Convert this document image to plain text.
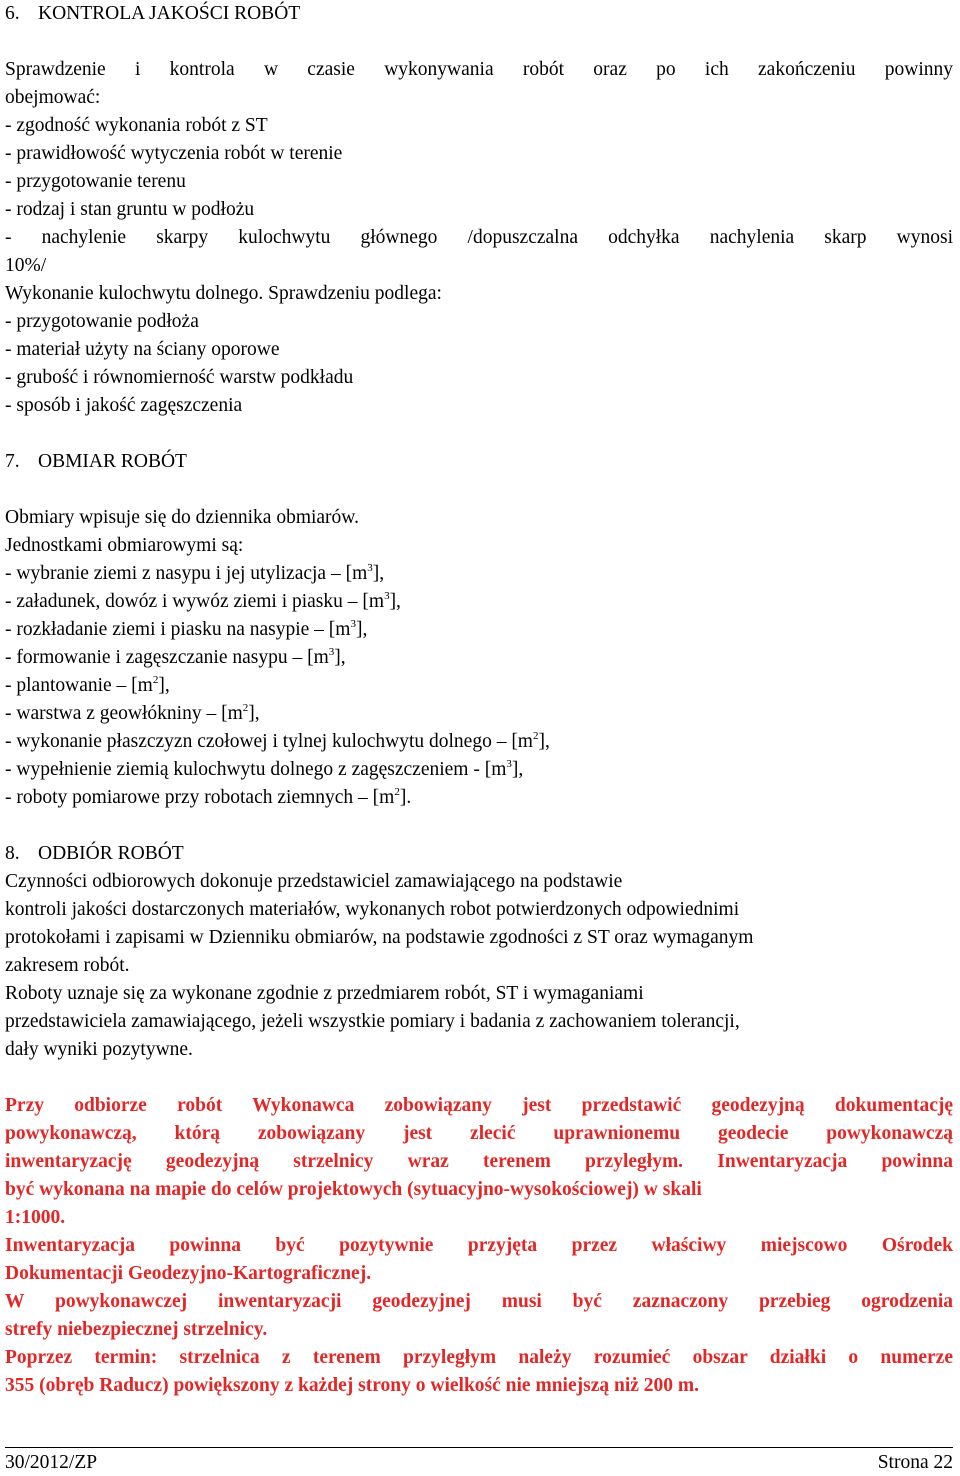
6. KONTROLA JAKOŚCI ROBÓT
Sprawdzenie i kontrola w czasie wykonywania robót oraz po ich zakończeniu powinny
obejmować:
- zgodność wykonania robót z ST
- prawidłowość wytyczenia robót w terenie
- przygotowanie terenu
- rodzaj i stan gruntu w podłożu
- nachylenie skarpy kulochwytu głównego /dopuszczalna odchyłka nachylenia skarp wynosi
10%/
Wykonanie kulochwytu dolnego. Sprawdzeniu podlega:
- przygotowanie podłoża
- materiał użyty na ściany oporowe
- grubość i równomierność warstw podkładu
- sposób i jakość zagęszczenia
7. OBMIAR ROBÓT
Obmiary wpisuje się do dziennika obmiarów.
Jednostkami obmiarowymi są:
- wybranie ziemi z nasypu i jej utylizacja – $[m^3]$,
- załadunek, dowóz i wywóz ziemi i piasku – $[m^3]$,
- rozkładanie ziemi i piasku na nasypie – $[m^3]$,
- formowanie i zagęszczanie nasypu – $[m^3]$,
- plantowanie – $[m^2]$,
- warstwa z geowłókniny – $[m^2]$,
- wykonanie płaszczyzn czołowej i tylnej kulochwytu dolnego – $[m^2]$,
- wypełnienie ziemią kulochwytu dolnego z zagęszczeniem - $[m^3]$,
- roboty pomiarowe przy robotach ziemnych – $[m^2]$.
8. ODBIÓR ROBÓT
Czynności odbiorowych dokonuje przedstawiciel zamawiającego na podstawie
kontroli jakości dostarczonych materiałów, wykonanych robot potwierdzonych odpowiednimi
protokołami i zapisami w Dzienniku obmiarów, na podstawie zgodności z ST oraz wymaganym
zakresem robót.
Roboty uznaje się za wykonane zgodnie z przedmiarem robót, ST i wymaganiami
przedstawiciela zamawiającego, jeżeli wszystkie pomiary i badania z zachowaniem tolerancji,
dały wyniki pozytywne.
Przy odbiorze robót Wykonawca zobowiązany jest przedstawić geodezyjną dokumentację
powykonawczą, którą zobowiązany jest zlecić uprawnionemu geodecie powykonawczą
inwentaryzację geodezyjną strzelnicy wraz terenem przyległym. Inwentaryzacja powinna
być wykonana na mapie do celów projektowych (sytuacyjno-wysokościowej) w skali
1:1000.
Inwentaryzacja powinna być pozytywnie przyjęta przez właściwy miejscowo Ośrodek
Dokumentacji Geodezyjno-Kartograficznej.
W powykonawczej inwentaryzacji geodezyjnej musi być zaznaczony przebieg ogrodzenia
strefy niebezpiecznej strzelnicy.
Poprzez termin: strzelnica z terenem przyległym należy rozumieć obszar działki o numerze
355 (obręb Raducz) powiększony z każdej strony o wielkość nie mniejszą niż 200 m.
30/2012/ZP	Strona 22
